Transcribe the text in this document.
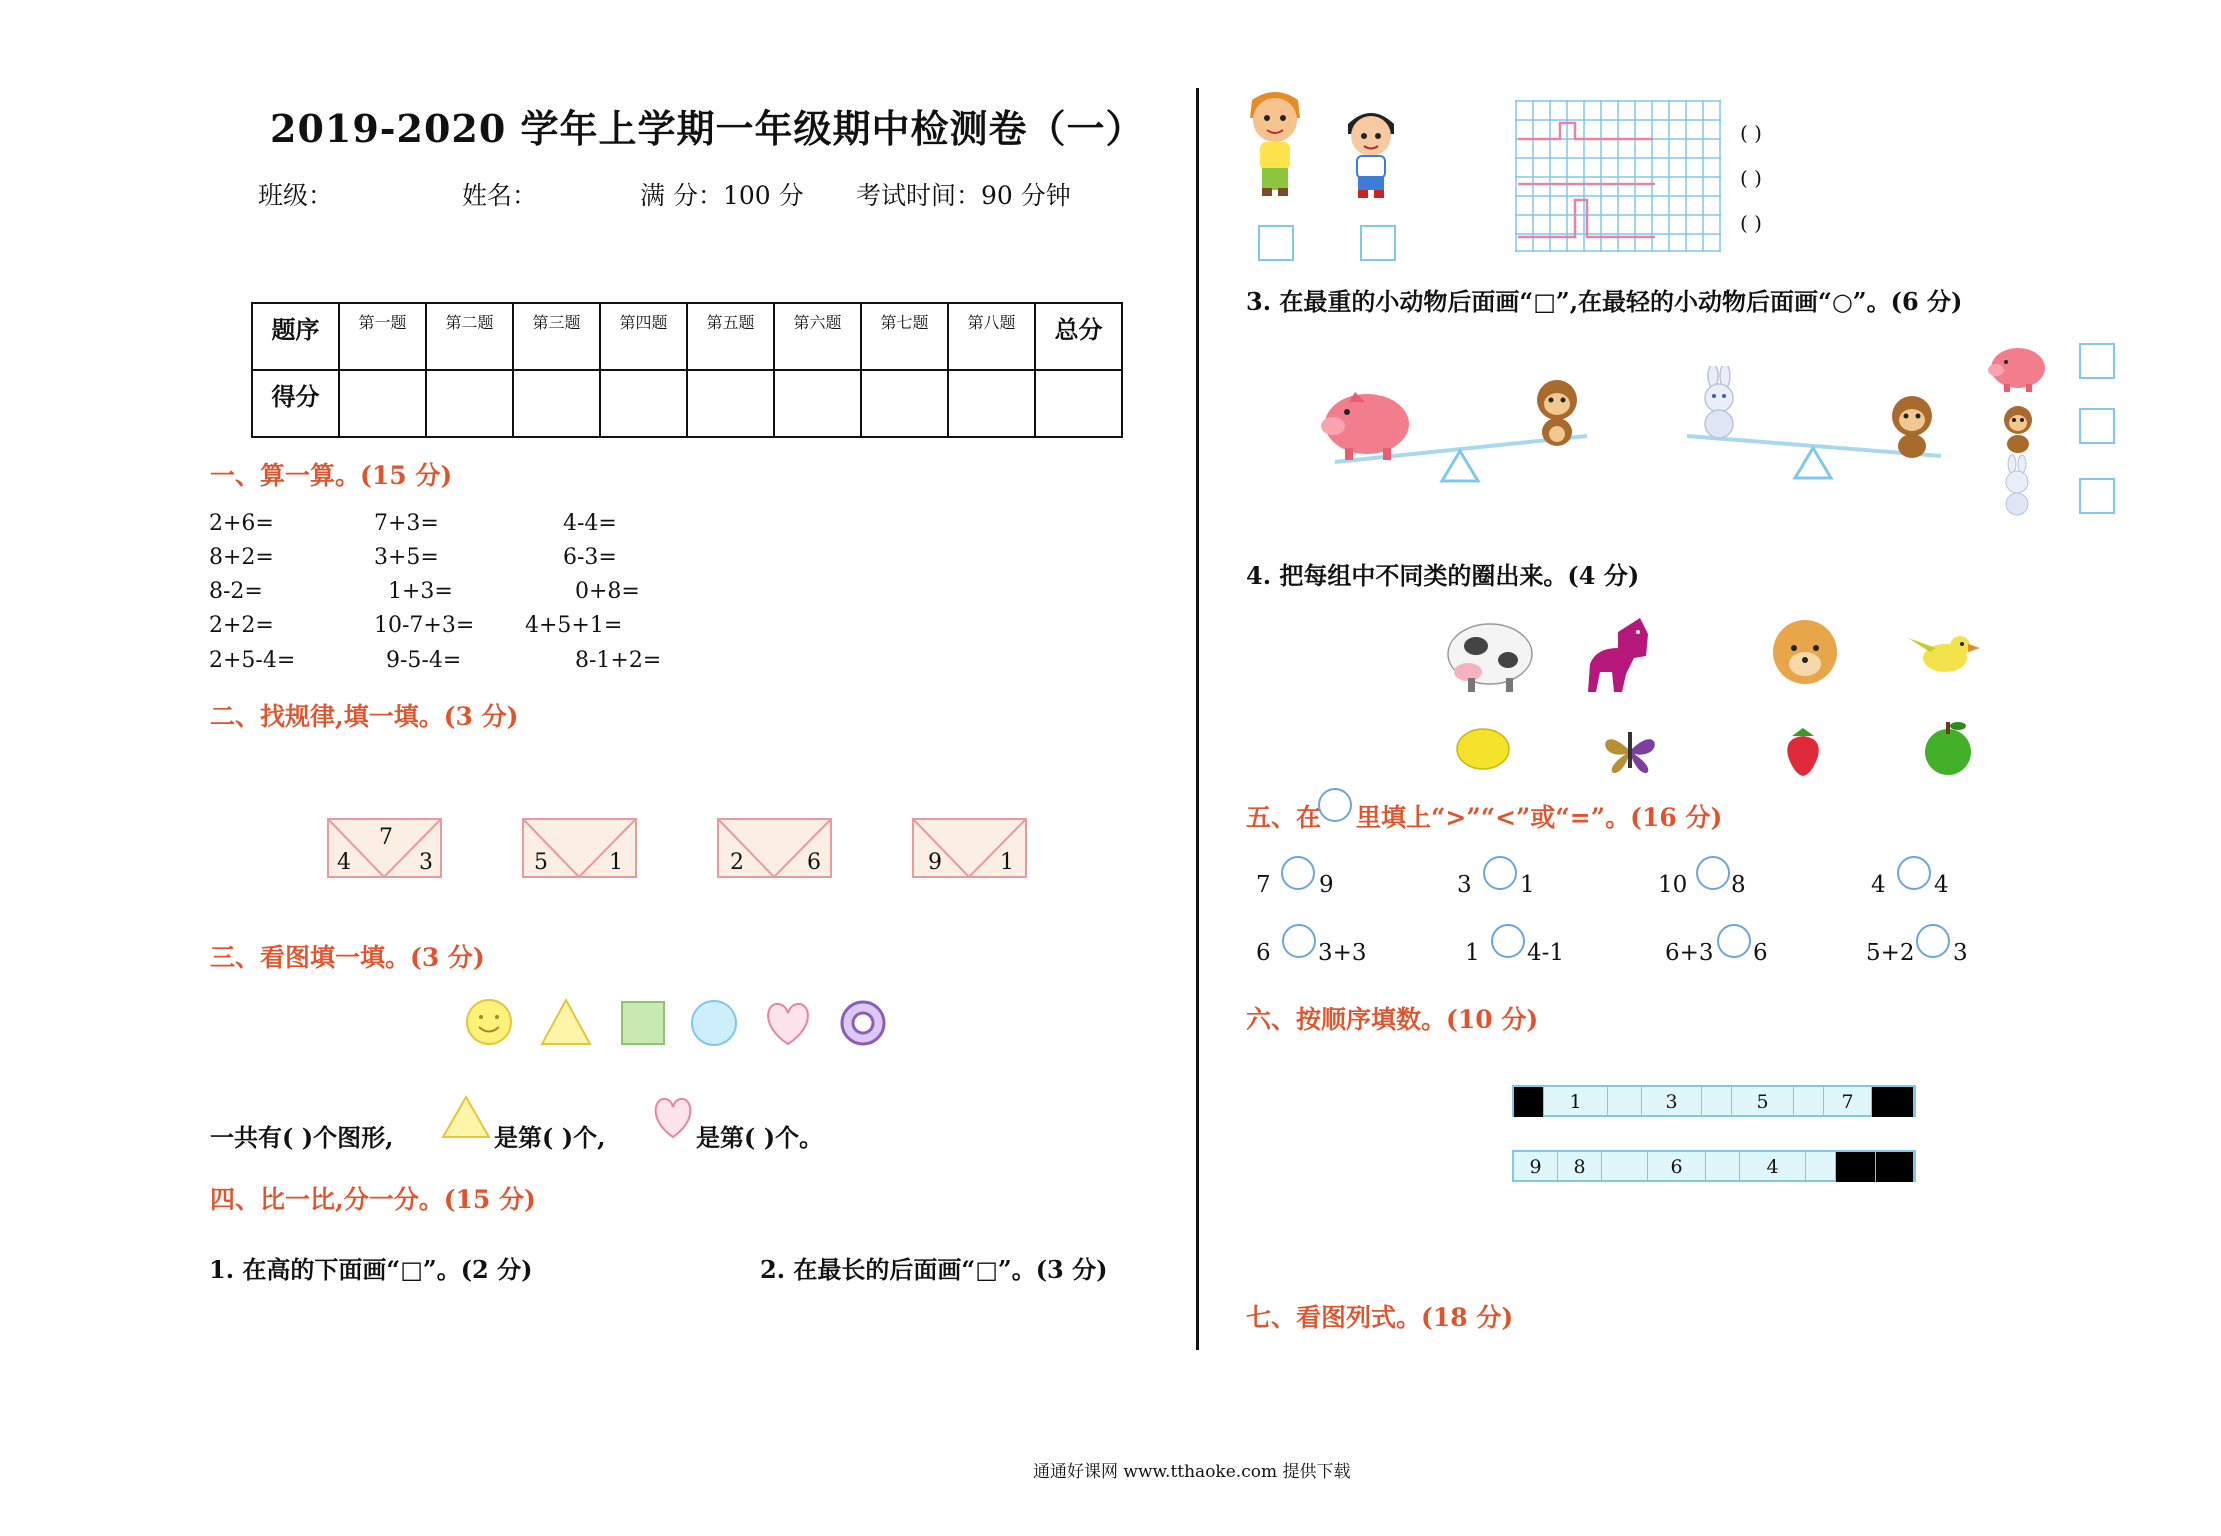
2019-2020 学年上学期一年级期中检测卷（一）
班级：	姓名：	满 分：100 分 考试时间：90 分钟
题序	第一题	第二题	第三题	第四题	第五题	第六题	第七题	第八题	总分
得分									
一、算一算。(15 分)
2+6=	7+3=	4-4=
8+2=	3+5=	6-3=
8-2=	1+3=	0+8=
2+2=	10-7+3= 4+5+1=
2+5-4=	9-5-4=	8-1+2=
二、找规律,填一填。(3 分)
7
4	3	5	1	2	6	9	1
三、看图填一填。(3 分)
一共有( )个图形,	是第( )个,	是第( )个。
四、比一比,分一分。(15 分)
1. 在高的下面画“□”。(2 分)	2. 在最长的后面画“□”。(3 分)
( )
( )
( )
3. 在最重的小动物后面画“□”,在最轻的小动物后面画“○”。(6 分)
4. 把每组中不同类的圈出来。(4 分)
五、在 里填上“>”“<”或“=”。(16 分)
7 9	3 1	10 8	4 4
6 3+3	1 4-1	6+3 6	5+2 3
六、按顺序填数。(10 分)
1	3	5	7
9	8	6	4
七、看图列式。(18 分)
通通好课网 www.tthaoke.com 提供下载
